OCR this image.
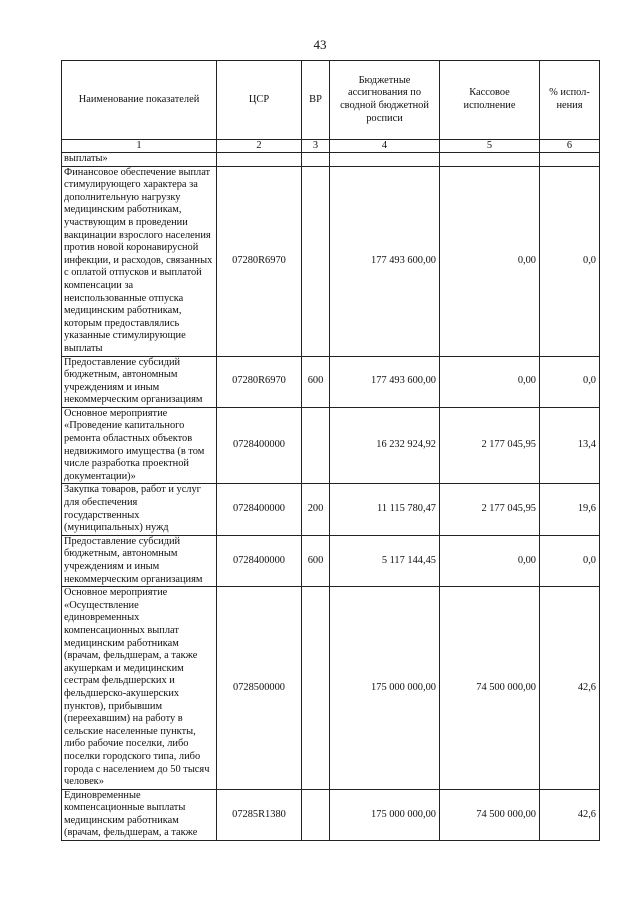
43
Наименование показателей	ЦСР	ВР	Бюджетные ассигнования по сводной бюджетной росписи	Кассовое исполнение	% испол-нения
1	2	3	4	5	6
выплаты»					
Финансовое обеспечение выплат стимулирующего характера за дополнительную нагрузку медицинским работникам, участвующим в проведении вакцинации взрослого населения против новой коронавирусной инфекции, и расходов, связанных с оплатой отпусков и выплатой компенсации за неиспользованные отпуска медицинским работникам, которым предоставлялись указанные стимулирующие выплаты	07280R6970		177 493 600,00	0,00	0,0
Предоставление субсидий бюджетным, автономным учреждениям и иным некоммерческим организациям	07280R6970	600	177 493 600,00	0,00	0,0
Основное мероприятие «Проведение капитального ремонта областных объектов недвижимого имущества (в том числе разработка проектной документации)»	0728400000		16 232 924,92	2 177 045,95	13,4
Закупка товаров, работ и услуг для обеспечения государственных (муниципальных) нужд	0728400000	200	11 115 780,47	2 177 045,95	19,6
Предоставление субсидий бюджетным, автономным учреждениям и иным некоммерческим организациям	0728400000	600	5 117 144,45	0,00	0,0
Основное мероприятие «Осуществление единовременных компенсационных выплат медицинским работникам (врачам, фельдшерам, а также акушеркам и медицинским сестрам фельдшерских и фельдшерско-акушерских пунктов), прибывшим (переехавшим) на работу в сельские населенные пункты, либо рабочие поселки, либо поселки городского типа, либо города с населением до 50 тысяч человек»	0728500000		175 000 000,00	74 500 000,00	42,6
Единовременные компенсационные выплаты медицинским работникам (врачам, фельдшерам, а также	07285R1380		175 000 000,00	74 500 000,00	42,6
